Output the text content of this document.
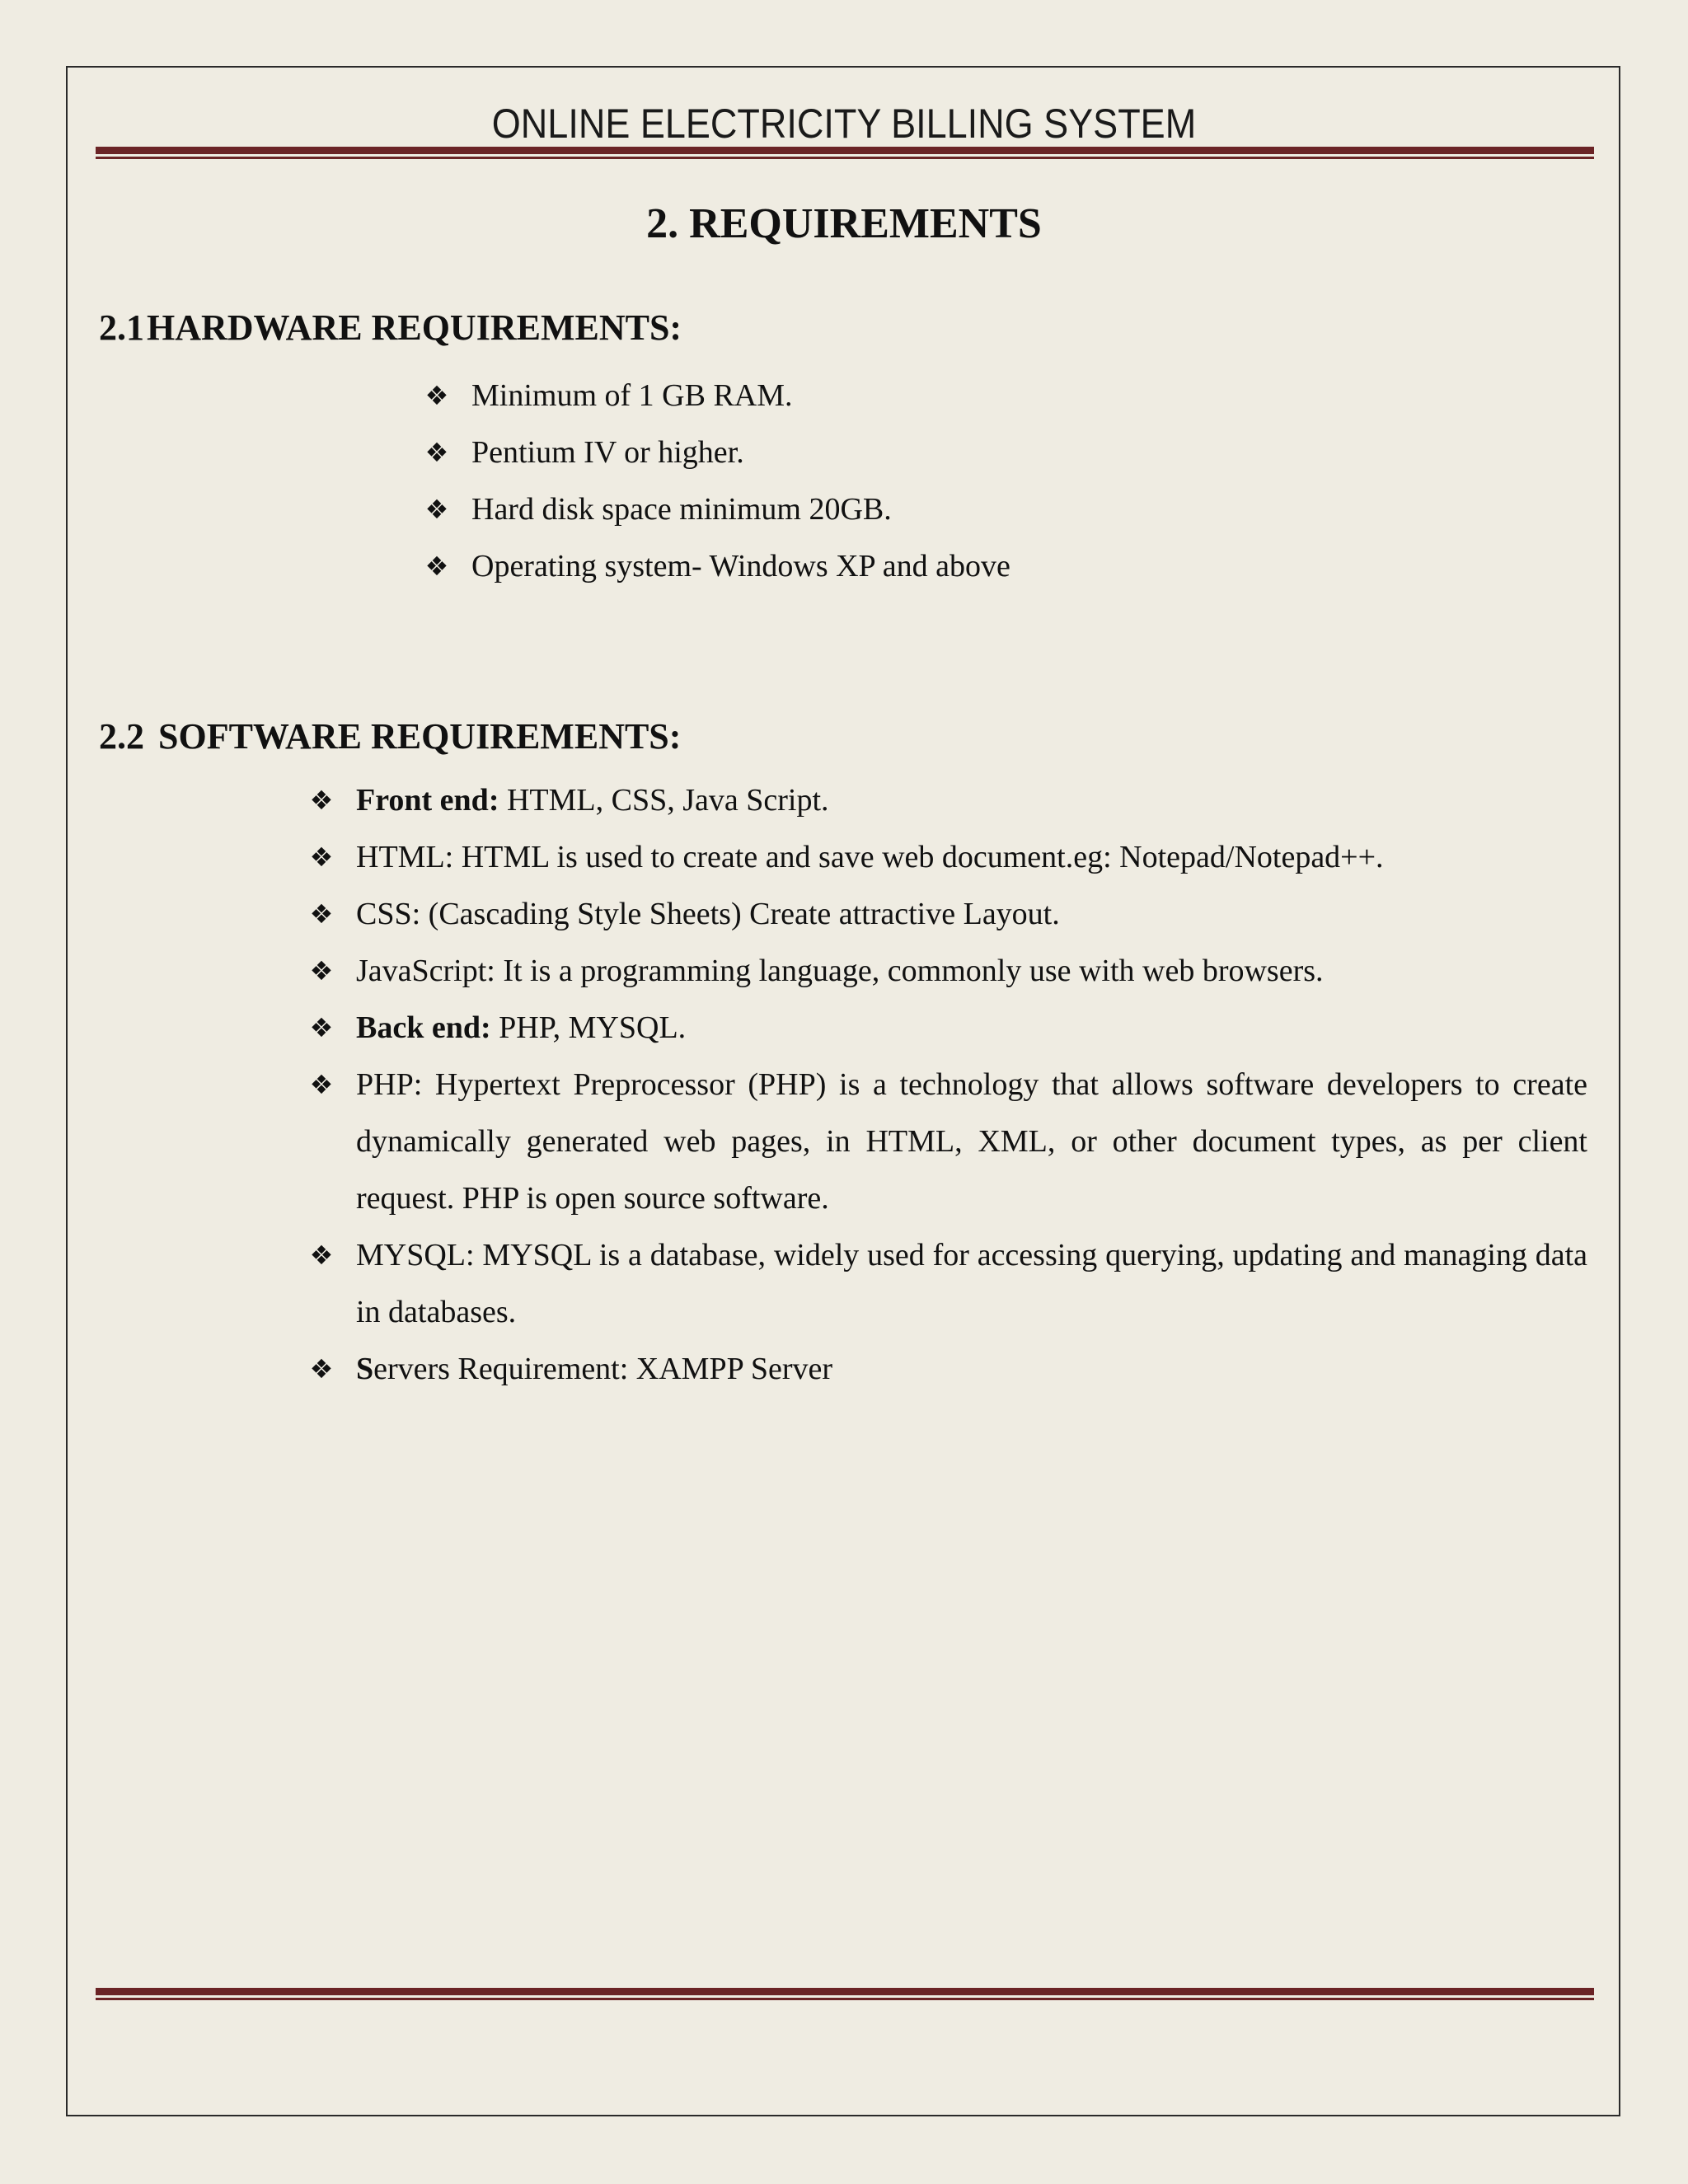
ONLINE ELECTRICITY BILLING SYSTEM
2. REQUIREMENTS
2.1HARDWARE REQUIREMENTS:
❖ Minimum of 1 GB RAM.
❖ Pentium IV or higher.
❖ Hard disk space minimum 20GB.
❖ Operating system- Windows XP and above
2.2 SOFTWARE REQUIREMENTS:
❖ Front end: HTML, CSS, Java Script.
❖ HTML: HTML is used to create and save web document.eg: Notepad/Notepad++.
❖ CSS: (Cascading Style Sheets) Create attractive Layout.
❖ JavaScript: It is a programming language, commonly use with web browsers.
❖ Back end: PHP, MYSQL.
❖ PHP: Hypertext Preprocessor (PHP) is a technology that allows software developers to create dynamically generated web pages, in HTML, XML, or other document types, as per client request. PHP is open source software.
❖ MYSQL: MYSQL is a database, widely used for accessing querying, updating and managing data in databases.
❖ Servers Requirement: XAMPP Server
